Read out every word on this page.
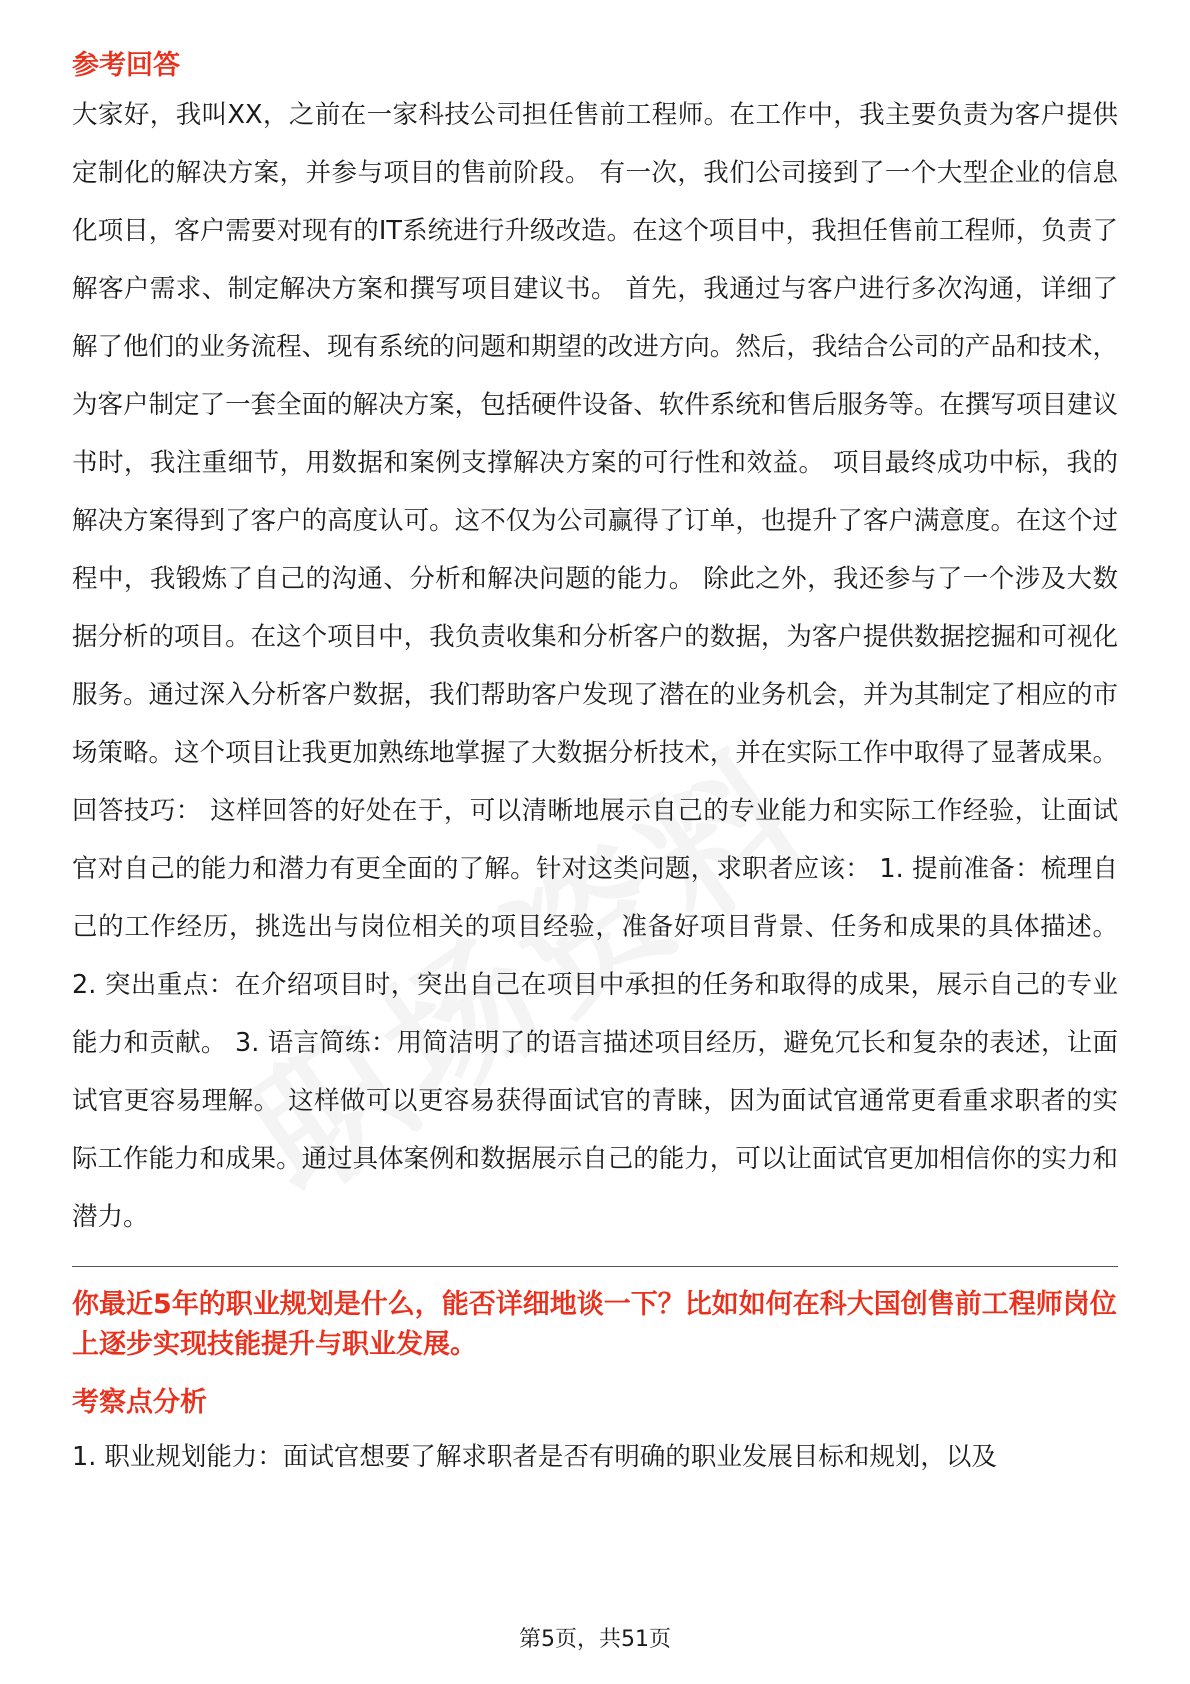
参考回答

大家好，我叫XX，之前在一家科技公司担任售前工程师。在工作中，我主要负责为客户提供定制化的解决方案，并参与项目的售前阶段。 有一次，我们公司接到了一个大型企业的信息化项目，客户需要对现有的IT系统进行升级改造。在这个项目中，我担任售前工程师，负责了解客户需求、制定解决方案和撰写项目建议书。 首先，我通过与客户进行多次沟通，详细了解了他们的业务流程、现有系统的问题和期望的改进方向。然后，我结合公司的产品和技术，为客户制定了一套全面的解决方案，包括硬件设备、软件系统和售后服务等。在撰写项目建议书时，我注重细节，用数据和案例支撑解决方案的可行性和效益。 项目最终成功中标，我的解决方案得到了客户的高度认可。这不仅为公司赢得了订单，也提升了客户满意度。在这个过程中，我锻炼了自己的沟通、分析和解决问题的能力。 除此之外，我还参与了一个涉及大数据分析的项目。在这个项目中，我负责收集和分析客户的数据，为客户提供数据挖掘和可视化服务。通过深入分析客户数据，我们帮助客户发现了潜在的业务机会，并为其制定了相应的市场策略。这个项目让我更加熟练地掌握了大数据分析技术，并在实际工作中取得了显著成果。 回答技巧： 这样回答的好处在于，可以清晰地展示自己的专业能力和实际工作经验，让面试官对自己的能力和潜力有更全面的了解。针对这类问题，求职者应该： 1. 提前准备：梳理自己的工作经历，挑选出与岗位相关的项目经验，准备好项目背景、任务和成果的具体描述。 2. 突出重点：在介绍项目时，突出自己在项目中承担的任务和取得的成果，展示自己的专业能力和贡献。 3. 语言简练：用简洁明了的语言描述项目经历，避免冗长和复杂的表述，让面试官更容易理解。 这样做可以更容易获得面试官的青睐，因为面试官通常更看重求职者的实际工作能力和成果。通过具体案例和数据展示自己的能力，可以让面试官更加相信你的实力和潜力。

你最近5年的职业规划是什么，能否详细地谈一下？比如如何在科大国创售前工程师岗位上逐步实现技能提升与职业发展。
考察点分析

1. 职业规划能力：面试官想要了解求职者是否有明确的职业发展目标和规划，以及

第5页，共51页
